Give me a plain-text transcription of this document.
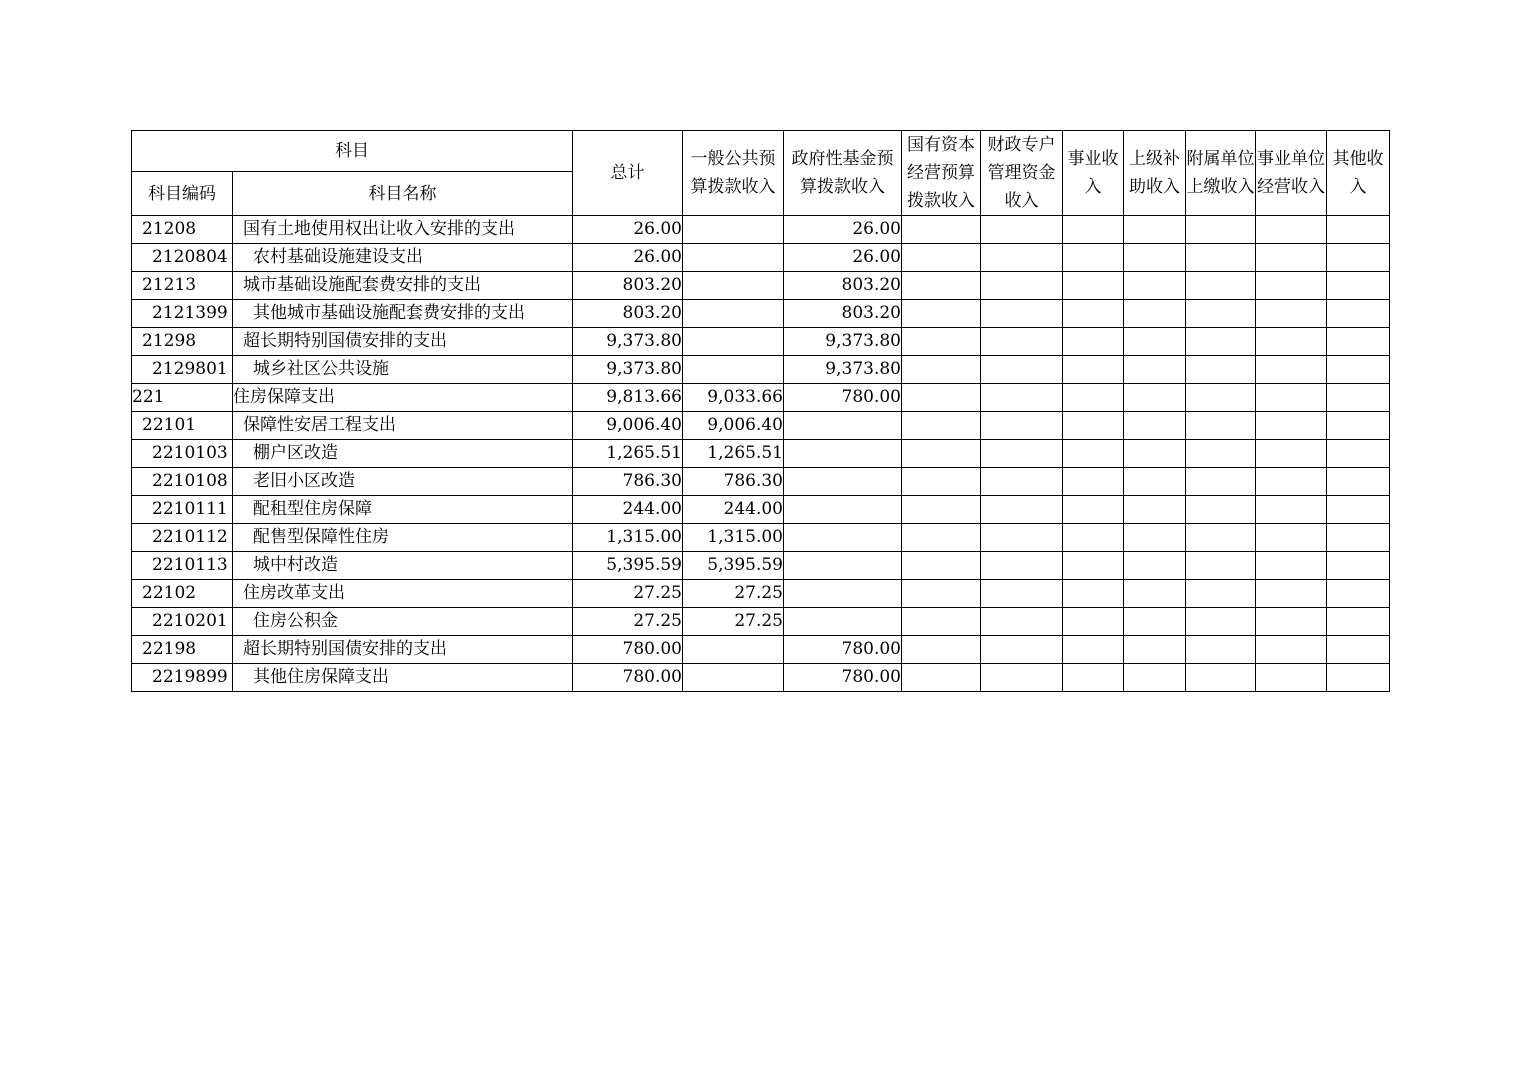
科目		总计	一般公共预算拨款收入	政府性基金预算拨款收入	国有资本经营预算拨款收入	财政专户管理资金收入	事业收入	上级补助收入	附属单位上缴收入	事业单位经营收入	其他收入
科目编码	科目名称										
21208	国有土地使用权出让收入安排的支出	26.00		26.00							
2120804	农村基础设施建设支出	26.00		26.00							
21213	城市基础设施配套费安排的支出	803.20		803.20							
2121399	其他城市基础设施配套费安排的支出	803.20		803.20							
21298	超长期特别国债安排的支出	9,373.80		9,373.80							
2129801	城乡社区公共设施	9,373.80		9,373.80							
221	住房保障支出	9,813.66	9,033.66	780.00							
22101	保障性安居工程支出	9,006.40	9,006.40								
2210103	棚户区改造	1,265.51	1,265.51								
2210108	老旧小区改造	786.30	786.30								
2210111	配租型住房保障	244.00	244.00								
2210112	配售型保障性住房	1,315.00	1,315.00								
2210113	城中村改造	5,395.59	5,395.59								
22102	住房改革支出	27.25	27.25								
2210201	住房公积金	27.25	27.25								
22198	超长期特别国债安排的支出	780.00		780.00							
2219899	其他住房保障支出	780.00		780.00							
